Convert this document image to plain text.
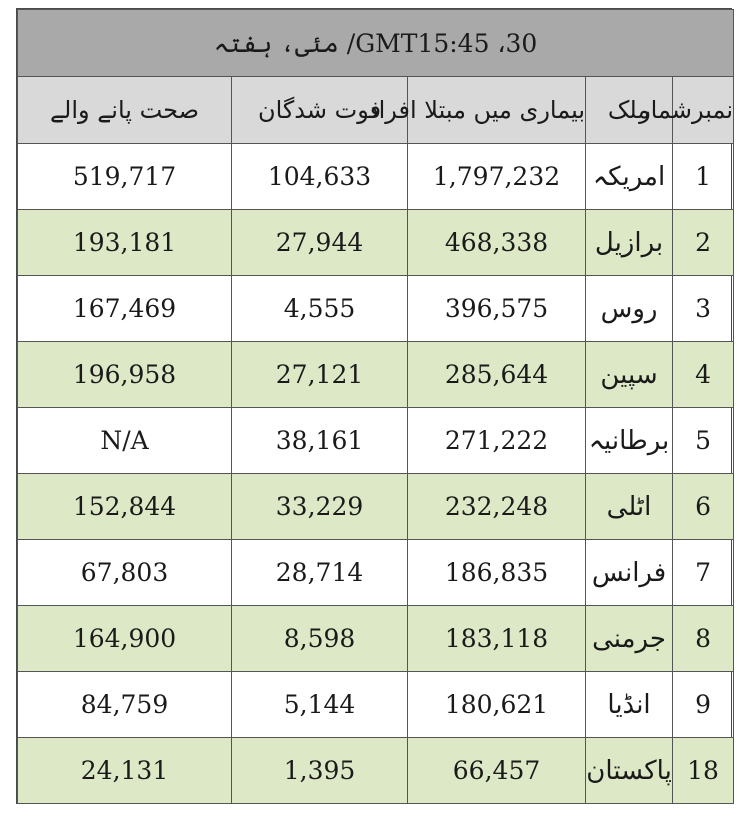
GMT15:45 ،30/ مئی، ہفتہ				
نمبرشمار	ملک	بیماری میں مبتلا افراد	فوت شدگان	صحت پانے والے
1	امریکہ	1,797,232	104,633	519,717
2	برازیل	468,338	27,944	193,181
3	روس	396,575	4,555	167,469
4	سپین	285,644	27,121	196,958
5	برطانیہ	271,222	38,161	N/A
6	اٹلی	232,248	33,229	152,844
7	فرانس	186,835	28,714	67,803
8	جرمنی	183,118	8,598	164,900
9	انڈیا	180,621	5,144	84,759
18	پاکستان	66,457	1,395	24,131
